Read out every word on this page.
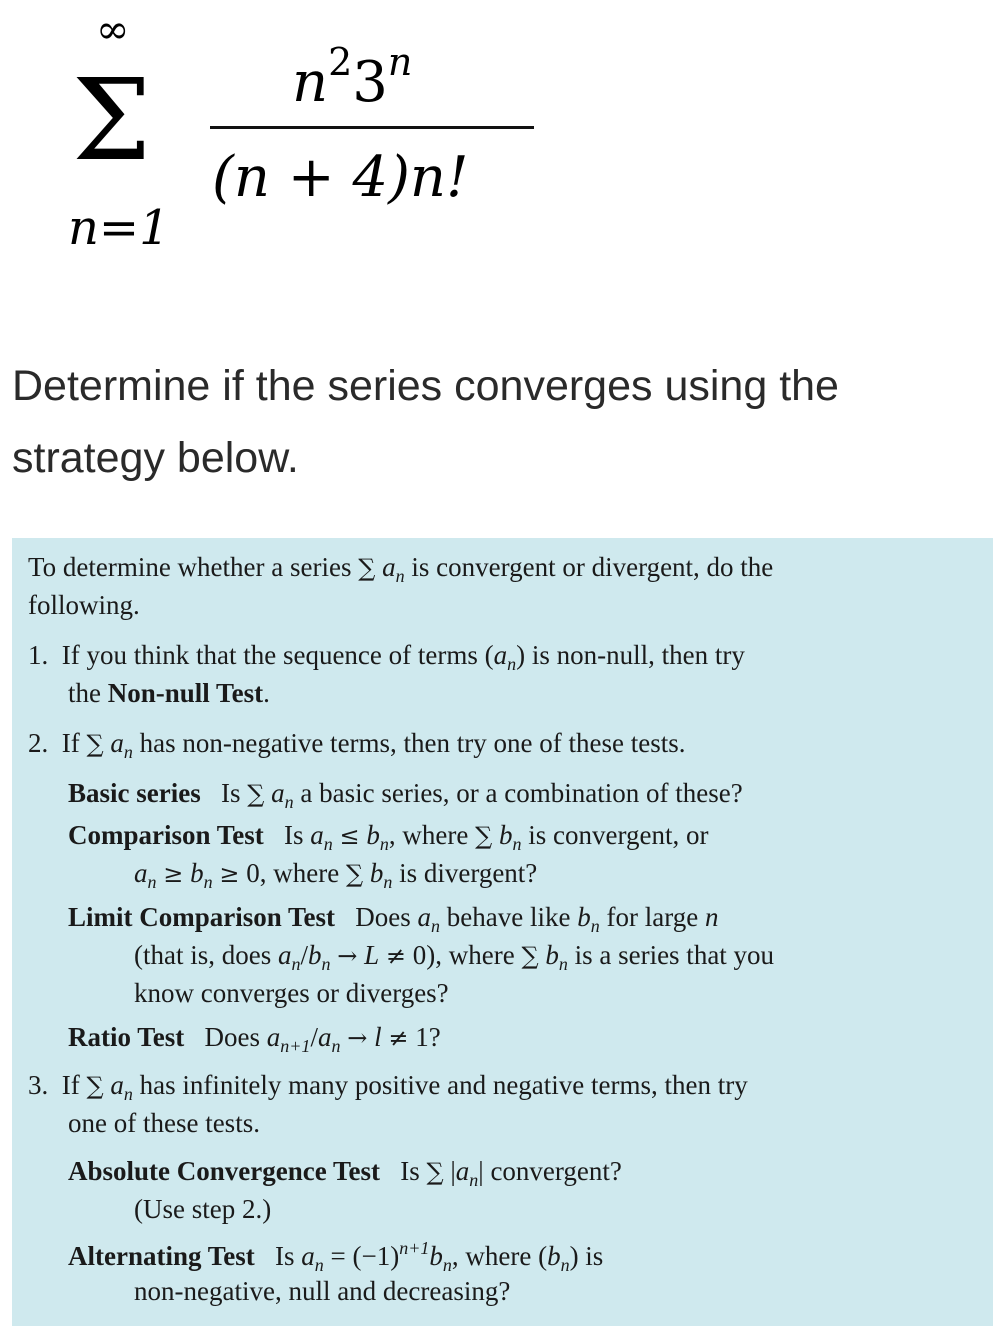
∞
Σ
n=1
$n^23^n$
(n + 4)n!
Determine if the series converges using the
strategy below.
To determine whether a series ∑ $a_n$ is convergent or divergent, do the
following.
1. If you think that the sequence of terms $(a_n)$ is non-null, then try
the Non-null Test.
2. If ∑ $a_n$ has non-negative terms, then try one of these tests.
Basic series Is ∑ $a_n$ a basic series, or a combination of these?
Comparison Test Is $a_n \le b_n$, where ∑ $b_n$ is convergent, or
$a_n \ge b_n \ge 0$, where ∑ $b_n$ is divergent?
Limit Comparison Test Does $a_n$ behave like $b_n$ for large n
(that is, does $a_n/b_n \to L \ne 0$), where ∑ $b_n$ is a series that you
know converges or diverges?
Ratio Test Does $a_{n+1}/a_n \to l \ne 1$?
3. If ∑ $a_n$ has infinitely many positive and negative terms, then try
one of these tests.
Absolute Convergence Test Is ∑ $|a_n|$ convergent?
(Use step 2.)
Alternating Test Is $a_n = (-1)^{n+1}b_n$, where $(b_n)$ is
non-negative, null and decreasing?
